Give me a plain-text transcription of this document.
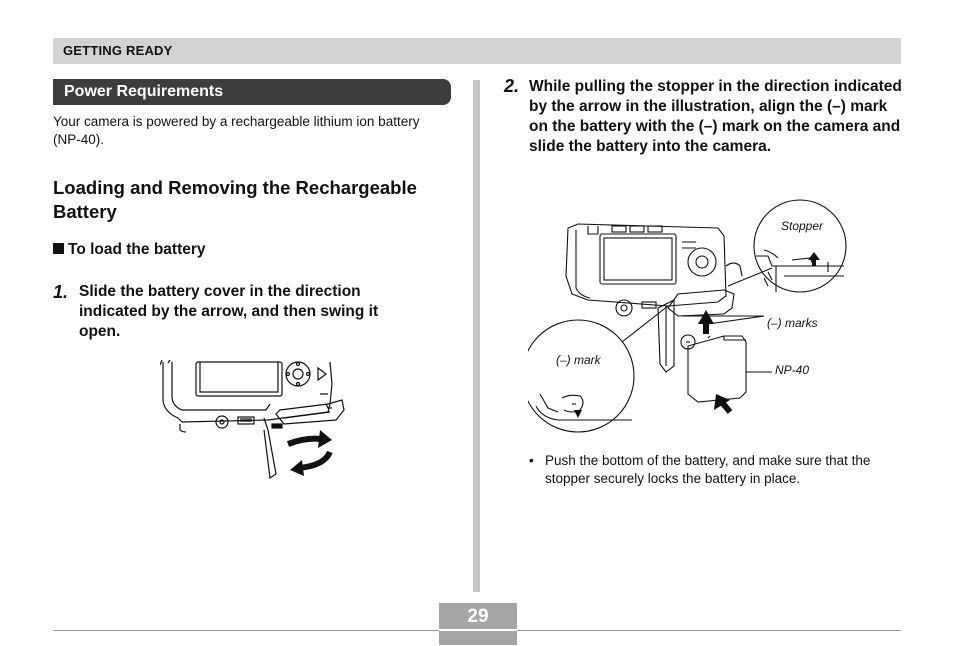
GETTING READY
Power Requirements
Your camera is powered by a rechargeable lithium ion battery (NP-40).
Loading and Removing the Rechargeable Battery
To load the battery
1. Slide the battery cover in the direction indicated by the arrow, and then swing it open.
2. While pulling the stopper in the direction indicated by the arrow in the illustration, align the (–) mark on the battery with the (–) mark on the camera and slide the battery into the camera.
Stopper
(–) marks
(–) mark
NP-40
• Push the bottom of the battery, and make sure that the stopper securely locks the battery in place.
29
